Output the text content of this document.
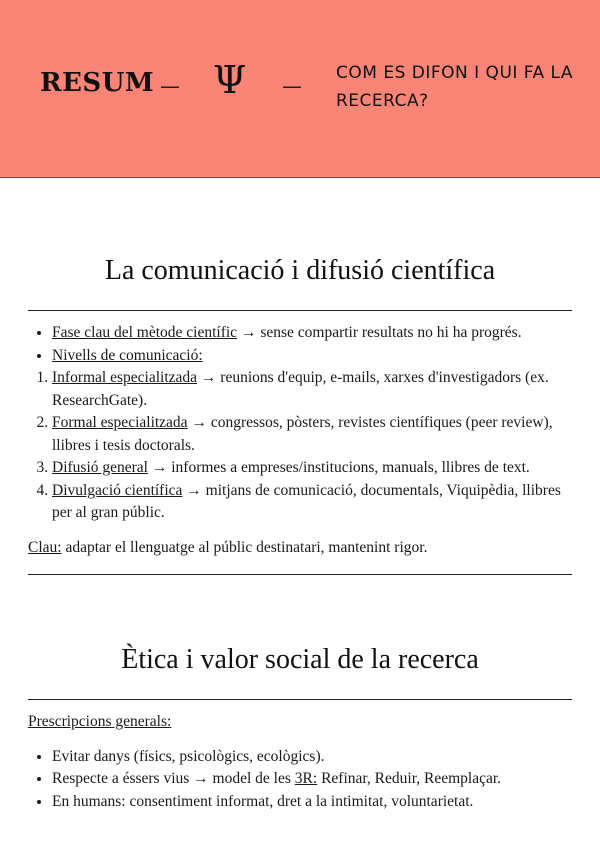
RESUM — Ψ —
COM ES DIFON I QUI FA LA RECERCA?
La comunicació i difusió científica
• Fase clau del mètode científic → sense compartir resultats no hi ha progrés.
• Nivells de comunicació:
1. Informal especialitzada → reunions d'equip, e-mails, xarxes d'investigadors (ex. ResearchGate).
2. Formal especialitzada → congressos, pòsters, revistes científiques (peer review), llibres i tesis doctorals.
3. Difusió general → informes a empreses/institucions, manuals, llibres de text.
4. Divulgació científica → mitjans de comunicació, documentals, Viquipèdia, llibres per al gran públic.

Clau: adaptar el llenguatge al públic destinatari, mantenint rigor.

Ètica i valor social de la recerca

Prescripcions generals:

• Evitar danys (físics, psicològics, ecològics).
• Respecte a éssers vius → model de les 3R: Refinar, Reduir, Reemplaçar.
• En humans: consentiment informat, dret a la intimitat, voluntarietat.
